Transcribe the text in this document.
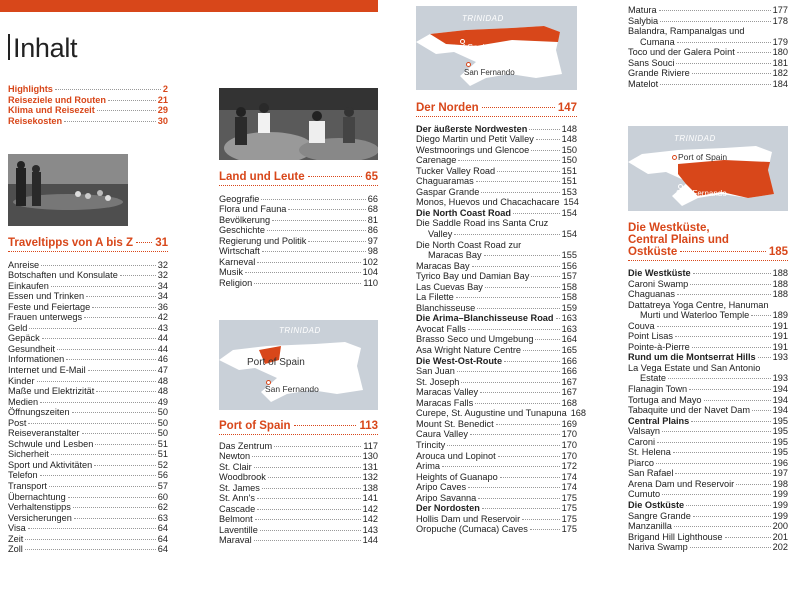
Inhalt
Highlights	2
Reiseziele und Routen	21
Klima und Reisezeit	29
Reisekosten	30
Traveltipps von A bis Z 31
Anreise	32
Botschaften und Konsulate	32
Einkaufen	34
Essen und Trinken	34
Feste und Feiertage	36
Frauen unterwegs	42
Geld	43
Gepäck	44
Gesundheit	44
Informationen	46
Internet und E-Mail	47
Kinder	48
Maße und Elektrizität	48
Medien	49
Öffnungszeiten	50
Post	50
Reiseveranstalter	50
Schwule und Lesben	51
Sicherheit	51
Sport und Aktivitäten	52
Telefon	56
Transport	57
Übernachtung	60
Verhaltenstipps	62
Versicherungen	63
Visa	64
Zeit	64
Zoll	64
Land und Leute	65
Geografie	66
Flora und Fauna	68
Bevölkerung	81
Geschichte	86
Regierung und Politik	97
Wirtschaft	98
Karneval	102
Musik	104
Religion	110
TRINIDAD
Port of Spain
San Fernando
Port of Spain	113
Das Zentrum	117
Newton	130
St. Clair	131
Woodbrook	132
St. James	138
St. Ann's	141
Cascade	142
Belmont	142
Laventille	143
Maraval	144
TRINIDAD
Port of Spain
San Fernando
Der Norden	147
Der äußerste Nordwesten	148
Diego Martin und Petit Valley	148
Westmoorings und Glencoe	150
Carenage	150
Tucker Valley Road	151
Chaguaramas	151
Gaspar Grande	153
Monos, Huevos und Chacachacare 154
Die North Coast Road	154
Die Saddle Road ins Santa Cruz
Valley	154
Die North Coast Road zur
Maracas Bay	155
Maracas Bay	156
Tyrico Bay und Damian Bay	157
Las Cuevas Bay	158
La Filette	158
Blanchisseuse	159
Die Arima–Blanchisseuse Road 163
Avocat Falls	163
Brasso Seco und Umgebung	164
Asa Wright Nature Centre	165
Die West-Ost-Route	166
San Juan	166
St. Joseph	167
Maracas Valley	167
Maracas Falls	168
Curepe, St. Augustine und Tunapuna 168
Mount St. Benedict	169
Caura Valley	170
Trincity	170
Arouca und Lopinot	170
Arima	172
Heights of Guanapo	174
Aripo Caves	174
Aripo Savanna	175
Der Nordosten	175
Hollis Dam und Reservoir	175
Oropuche (Cumaca) Caves	175
Matura	177
Salybia	178
Balandra, Rampanalgas und
Cumana	179
Toco und der Galera Point	180
Sans Souci	181
Grande Riviere	182
Matelot	184
TRINIDAD
Port of Spain
San Fernando
Die Westküste,
Central Plains und
Ostküste	185
Die Westküste	188
Caroni Swamp	188
Chaguanas	188
Dattatreya Yoga Centre, Hanuman
Murti und Waterloo Temple	189
Couva	191
Point Lisas	191
Pointe-à-Pierre	191
Rund um die Montserrat Hills 193
La Vega Estate und San Antonio
Estate	193
Flanagin Town	194
Tortuga and Mayo	194
Tabaquite und der Navet Dam 194
Central Plains	195
Valsayn	195
Caroni	195
St. Helena	195
Piarco	196
San Rafael	197
Arena Dam und Reservoir	198
Cumuto	199
Die Ostküste	199
Sangre Grande	199
Manzanilla	200
Brigand Hill Lighthouse	201
Nariva Swamp	202
